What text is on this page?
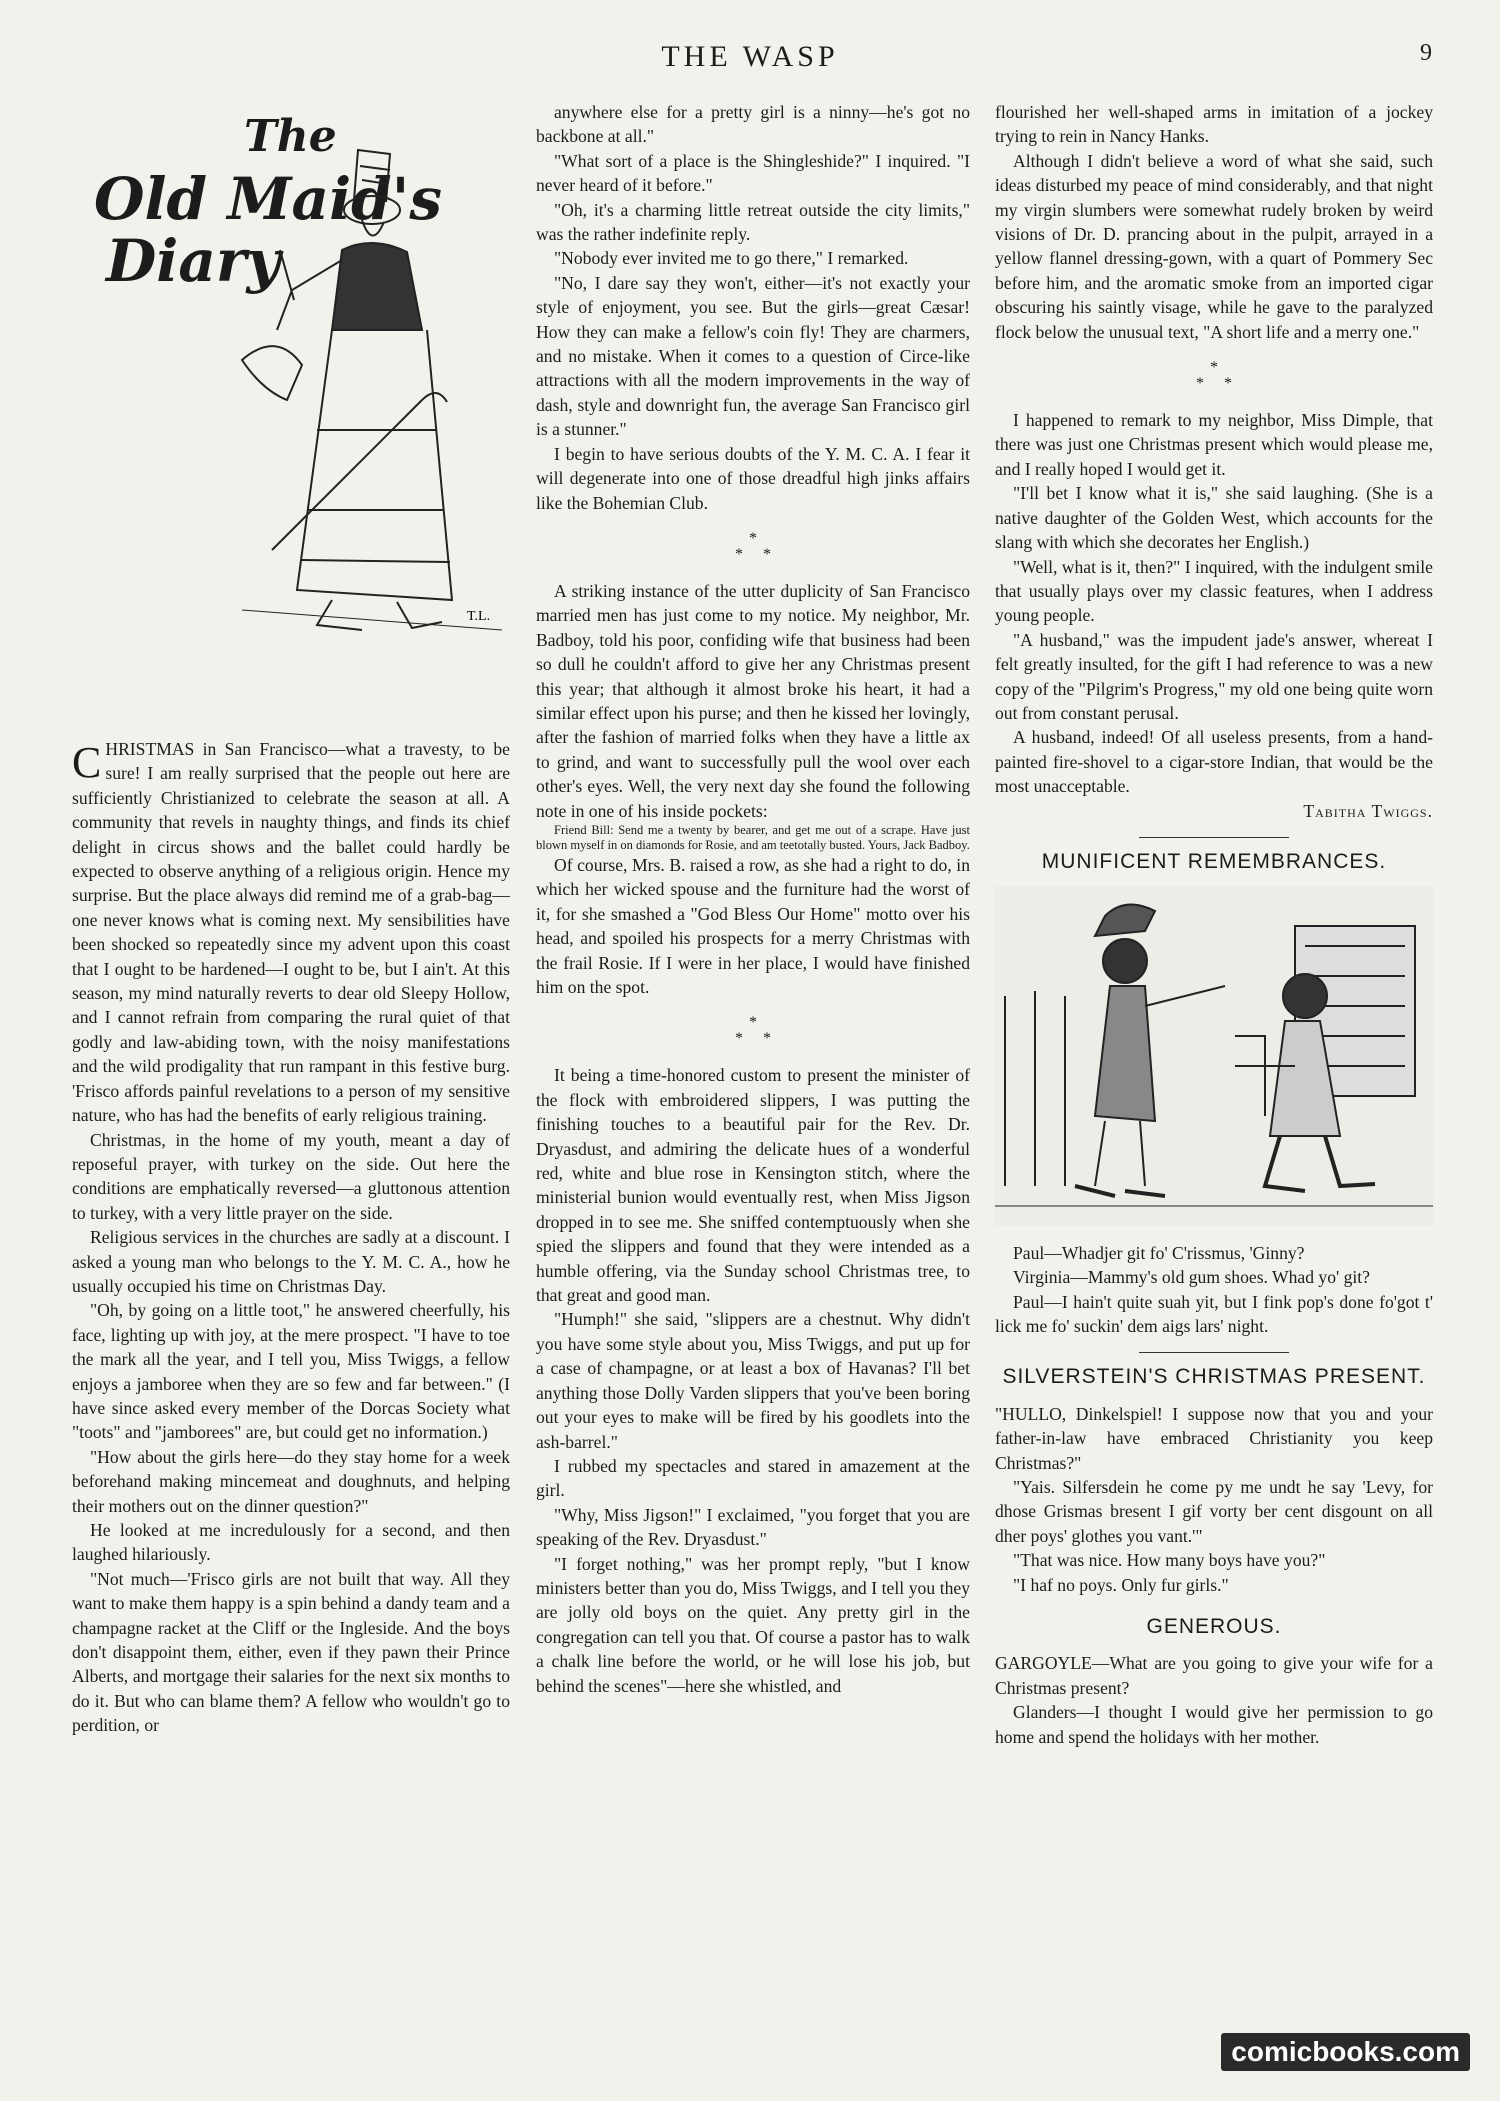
THE WASP	9
The
Old Maid's
Diary
T.L.

CHRISTMAS in San Francisco—what a travesty, to be sure! I am really surprised that the people out here are sufficiently Christianized to celebrate the season at all. A community that revels in naughty things, and finds its chief delight in circus shows and the ballet could hardly be expected to observe anything of a religious origin. Hence my surprise. But the place always did remind me of a grab-bag—one never knows what is coming next. My sensibilities have been shocked so repeatedly since my advent upon this coast that I ought to be hardened—I ought to be, but I ain't. At this season, my mind naturally reverts to dear old Sleepy Hollow, and I cannot refrain from comparing the rural quiet of that godly and law-abiding town, with the noisy manifestations and the wild prodigality that run rampant in this festive burg. 'Frisco affords painful revelations to a person of my sensitive nature, who has had the benefits of early religious training.

Christmas, in the home of my youth, meant a day of reposeful prayer, with turkey on the side. Out here the conditions are emphatically reversed—a gluttonous attention to turkey, with a very little prayer on the side.

Religious services in the churches are sadly at a discount. I asked a young man who belongs to the Y. M. C. A., how he usually occupied his time on Christmas Day.

"Oh, by going on a little toot," he answered cheerfully, his face, lighting up with joy, at the mere prospect. "I have to toe the mark all the year, and I tell you, Miss Twiggs, a fellow enjoys a jamboree when they are so few and far between." (I have since asked every member of the Dorcas Society what "toots" and "jamborees" are, but could get no information.)

"How about the girls here—do they stay home for a week beforehand making mincemeat and doughnuts, and helping their mothers out on the dinner question?"

He looked at me incredulously for a second, and then laughed hilariously.

"Not much—'Frisco girls are not built that way. All they want to make them happy is a spin behind a dandy team and a champagne racket at the Cliff or the Ingleside. And the boys don't disappoint them, either, even if they pawn their Prince Alberts, and mortgage their salaries for the next six months to do it. But who can blame them? A fellow who wouldn't go to perdition, or

anywhere else for a pretty girl is a ninny—he's got no backbone at all."

"What sort of a place is the Shingleshide?" I inquired. "I never heard of it before."

"Oh, it's a charming little retreat outside the city limits," was the rather indefinite reply.

"Nobody ever invited me to go there," I remarked.

"No, I dare say they won't, either—it's not exactly your style of enjoyment, you see. But the girls—great Cæsar! How they can make a fellow's coin fly! They are charmers, and no mistake. When it comes to a question of Circe-like attractions with all the modern improvements in the way of dash, style and downright fun, the average San Francisco girl is a stunner."

I begin to have serious doubts of the Y. M. C. A. I fear it will degenerate into one of those dreadful high jinks affairs like the Bohemian Club.

*
*     *

A striking instance of the utter duplicity of San Francisco married men has just come to my notice. My neighbor, Mr. Badboy, told his poor, confiding wife that business had been so dull he couldn't afford to give her any Christmas present this year; that although it almost broke his heart, it had a similar effect upon his purse; and then he kissed her lovingly, after the fashion of married folks when they have a little ax to grind, and want to successfully pull the wool over each other's eyes. Well, the very next day she found the following note in one of his inside pockets:

Friend Bill: Send me a twenty by bearer, and get me out of a scrape. Have just blown myself in on diamonds for Rosie, and am teetotally busted. Yours, Jack Badboy.

Of course, Mrs. B. raised a row, as she had a right to do, in which her wicked spouse and the furniture had the worst of it, for she smashed a "God Bless Our Home" motto over his head, and spoiled his prospects for a merry Christmas with the frail Rosie. If I were in her place, I would have finished him on the spot.

*
*     *

It being a time-honored custom to present the minister of the flock with embroidered slippers, I was putting the finishing touches to a beautiful pair for the Rev. Dr. Dryasdust, and admiring the delicate hues of a wonderful red, white and blue rose in Kensington stitch, where the ministerial bunion would eventually rest, when Miss Jigson dropped in to see me. She sniffed contemptuously when she spied the slippers and found that they were intended as a humble offering, via the Sunday school Christmas tree, to that great and good man.

"Humph!" she said, "slippers are a chestnut. Why didn't you have some style about you, Miss Twiggs, and put up for a case of champagne, or at least a box of Havanas? I'll bet anything those Dolly Varden slippers that you've been boring out your eyes to make will be fired by his goodlets into the ash-barrel."

I rubbed my spectacles and stared in amazement at the girl.

"Why, Miss Jigson!" I exclaimed, "you forget that you are speaking of the Rev. Dryasdust."

"I forget nothing," was her prompt reply, "but I know ministers better than you do, Miss Twiggs, and I tell you they are jolly old boys on the quiet. Any pretty girl in the congregation can tell you that. Of course a pastor has to walk a chalk line before the world, or he will lose his job, but behind the scenes"—here she whistled, and

flourished her well-shaped arms in imitation of a jockey trying to rein in Nancy Hanks.

Although I didn't believe a word of what she said, such ideas disturbed my peace of mind considerably, and that night my virgin slumbers were somewhat rudely broken by weird visions of Dr. D. prancing about in the pulpit, arrayed in a yellow flannel dressing-gown, with a quart of Pommery Sec before him, and the aromatic smoke from an imported cigar obscuring his saintly visage, while he gave to the paralyzed flock below the unusual text, "A short life and a merry one."

*
*     *

I happened to remark to my neighbor, Miss Dimple, that there was just one Christmas present which would please me, and I really hoped I would get it.

"I'll bet I know what it is," she said laughing. (She is a native daughter of the Golden West, which accounts for the slang with which she decorates her English.)

"Well, what is it, then?" I inquired, with the indulgent smile that usually plays over my classic features, when I address young people.

"A husband," was the impudent jade's answer, whereat I felt greatly insulted, for the gift I had reference to was a new copy of the "Pilgrim's Progress," my old one being quite worn out from constant perusal.

A husband, indeed! Of all useless presents, from a hand-painted fire-shovel to a cigar-store Indian, that would be the most unacceptable.

Tabitha Twiggs.
MUNIFICENT REMEMBRANCES.

Paul—Whadjer git fo' C'rissmus, 'Ginny?

Virginia—Mammy's old gum shoes. Whad yo' git?

Paul—I hain't quite suah yit, but I fink pop's done fo'got t' lick me fo' suckin' dem aigs lars' night.

SILVERSTEIN'S CHRISTMAS PRESENT.

"HULLO, Dinkelspiel! I suppose now that you and your father-in-law have embraced Christianity you keep Christmas?"

"Yais. Silfersdein he come py me undt he say 'Levy, for dhose Grismas bresent I gif vorty ber cent disgount on all dher poys' glothes you vant.'"

"That was nice. How many boys have you?"

"I haf no poys. Only fur girls."

GENEROUS.

GARGOYLE—What are you going to give your wife for a Christmas present?

Glanders—I thought I would give her permission to go home and spend the holidays with her mother.

comicbooks.com
